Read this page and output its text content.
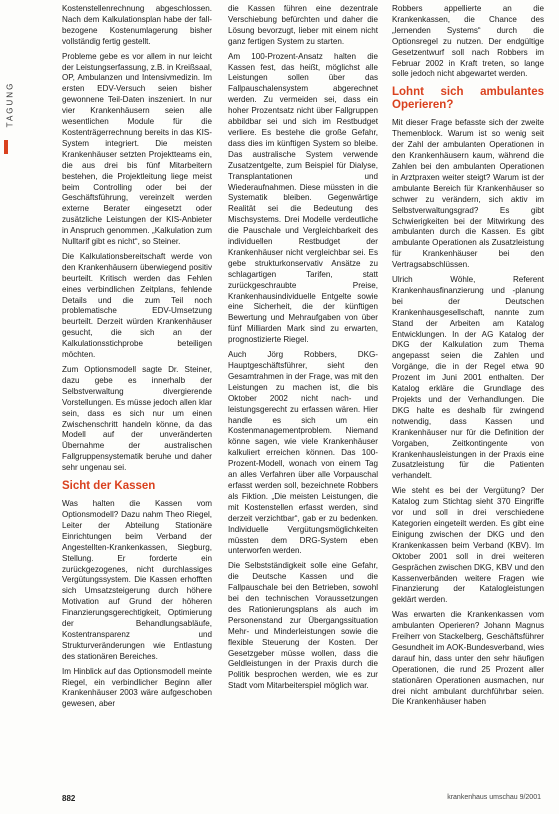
TAGUNG

Kostenstellenrechnung abgeschlossen. Nach dem Kalkulationsplan habe der fall-bezogene Kostenumlagerung bisher vollständig fertig gestellt.

Probleme gebe es vor allem in nur leicht der Leistungserfassung, z.B. in Kreißsaal, OP, Ambulanzen und Intensivmedizin. Im ersten EDV-Versuch seien bisher gewonnene Teil-Daten inszeniert. In nur vier Krankenhäusern seien alle wesentlichen Module für die Kostenträgerrechnung bereits in das KIS-System integriert. Die meisten Krankenhäuser setzten Projektteams ein, die aus drei bis fünf Mitarbeitern bestehen, die Projektleitung liege meist beim Controlling oder bei der Geschäftsführung, vereinzelt werden externe Berater eingesetzt oder zusätzliche Leistungen der KIS-Anbieter in Anspruch genommen. „Kalkulation zum Nulltarif gibt es nicht“, so Steiner.

Die Kalkulationsbereitschaft werde von den Krankenhäusern überwiegend positiv beurteilt. Kritisch werden das Fehlen eines verbindlichen Zeitplans, fehlende Details und die zum Teil noch problematische EDV-Umsetzung beurteilt. Derzeit würden Krankenhäuser gesucht, die sich an der Kalkulationsstichprobe beteiligen möchten.

Zum Optionsmodell sagte Dr. Steiner, dazu gebe es innerhalb der Selbstverwaltung divergierende Vorstellungen. Es müsse jedoch allen klar sein, dass es sich nur um einen Zwischenschritt handeln könne, da das Modell auf der unveränderten Übernahme der australischen Fallgruppensystematik beruhe und daher sehr ungenau sei.

Sicht der Kassen

Was halten die Kassen vom Optionsmodell? Dazu nahm Theo Riegel, Leiter der Abteilung Stationäre Einrichtungen beim Verband der Angestellten-Krankenkassen, Siegburg, Stellung. Er forderte ein zurückgezogenes, nicht durchlassiges Vergütungssystem. Die Kassen erhofften sich Umsatzsteigerung durch höhere Motivation auf Grund der höheren Finanzierungsgerechtigkeit, Optimierung der Behandlungsabläufe, Kostentransparenz und Strukturveränderungen wie Entlastung des stationären Bereiches.

Im Hinblick auf das Optionsmodell meinte Riegel, ein verbindlicher Beginn aller Krankenhäuser 2003 wäre aufgeschoben gewesen, aber

die Kassen führen eine dezentrale Verschiebung befürchten und daher die Lösung bevorzugt, lieber mit einem nicht ganz fertigen System zu starten.

Am 100-Prozent-Ansatz halten die Kassen fest, das heißt, möglichst alle Leistungen sollen über das Fallpauschalensystem abgerechnet werden. Zu vermeiden sei, dass ein hoher Prozentsatz nicht über Fallgruppen abbildbar sei und sich im Restbudget verliere. Es bestehe die große Gefahr, dass dies im künftigen System so bleibe. Das australische System verwende Zusatzentgelte, zum Beispiel für Dialyse, Transplantationen und Wiederaufnahmen. Diese müssten in die Systematik bleiben. Gegenwärtige Realität sei die Bedeutung des Mischsystems. Drei Modelle verdeutliche die Pauschale und Vergleichbarkeit des individuellen Restbudget der Krankenhäuser nicht vergleichbar sei. Es gebe strukturkonservativ Ansätze zu schlagartigen Tarifen, statt zurückgeschraubte Preise, Krankenhausindividuelle Entgelte sowie eine Sicherheit, die der künftigen Bewertung und Mehraufgaben von über fünf Milliarden Mark sind zu erwarten, prognostizierte Riegel.

Auch Jörg Robbers, DKG-Hauptgeschäftsführer, sieht den Gesamtrahmen in der Frage, was mit den Leistungen zu machen ist, die bis Oktober 2002 nicht nach- und leistungsgerecht zu erfassen wären. Hier handle es sich um ein Kostenmanagementproblem. Niemand könne sagen, wie viele Krankenhäuser kalkuliert erreichen können. Das 100-Prozent-Modell, wonach von einem Tag an alles Verfahren über alle Vorpauschal erfasst werden soll, bezeichnete Robbers als Fiktion. „Die meisten Leistungen, die mit Kostenstellen erfasst werden, sind derzeit verzichtbar“, gab er zu bedenken. Individuelle Vergütungsmöglichkeiten müssten dem DRG-System eben unterworfen werden.

Die Selbstständigkeit solle eine Gefahr, die Deutsche Kassen und die Fallpauschale bei den Betrieben, sowohl bei den technischen Voraussetzungen des Rationierungsplans als auch im Personenstand zur Übergangssituation Mehr- und Minderleistungen sowie die flexible Steuerung der Kosten. Der Gesetzgeber müsse wollen, dass die Geldleistungen in der Praxis durch die Politik besprochen werden, wie es zur Stadt vom Mitarbeiterspiel möglich war.

Robbers appellierte an die Krankenkassen, die Chance des „lernenden Systems“ durch die Optionsregel zu nutzen. Der endgültige Gesetzentwurf soll nach Robbers im Februar 2002 in Kraft treten, so lange solle jedoch nicht abgewartet werden.

Lohnt sich ambulantes Operieren?

Mit dieser Frage befasste sich der zweite Themenblock. Warum ist so wenig seit der Zahl der ambulanten Operationen in den Krankenhäusern kaum, während die Zahlen bei den ambulanten Operationen in Arztpraxen weiter steigt? Warum ist der ambulante Bereich für Krankenhäuser so schwer zu verändern, sich aktiv im Selbstverwaltungsgrad? Es gibt Schwierigkeiten bei der Mitwirkung des ambulanten durch die Kassen. Es gibt ambulante Operationen als Zusatzleistung für Krankenhäuser bei den Vertragsabschlüssen.

Ulrich Wöhle, Referent Krankenhausfinanzierung und -planung bei der Deutschen Krankenhausgesellschaft, nannte zum Stand der Arbeiten am Katalog Entwicklungen. In der AG Katalog der DKG der Kalkulation zum Thema angepasst seien die Zahlen und Vorgänge, die in der Regel etwa 90 Prozent im Juni 2001 enthalten. Der Katalog erkläre die Grundlage des Projekts und der Verhandlungen. Die DKG halte es deshalb für zwingend notwendig, dass Kassen und Krankenhäuser nur für die Definition der Vorgaben, Zeitkontingente von Krankenhausleistungen in der Praxis eine Zusatzleistung für die Patienten verhandelt.

Wie steht es bei der Vergütung? Der Katalog zum Stichtag sieht 370 Eingriffe vor und soll in drei verschiedene Kategorien eingeteilt werden. Es gibt eine Einigung zwischen der DKG und den Krankenkassen beim Verband (KBV). Im Oktober 2001 soll in drei weiteren Gesprächen zwischen DKG, KBV und den Kassenverbänden weitere Fragen wie Finanzierung der Katalogleistungen geklärt werden.

Was erwarten die Krankenkassen vom ambulanten Operieren? Johann Magnus Freiherr von Stackelberg, Geschäftsführer Gesundheit im AOK-Bundesverband, wies darauf hin, dass unter den sehr häufigen Operationen, die rund 25 Prozent aller stationären Operationen ausmachen, nur drei nicht ambulant durchführbar seien. Die Krankenhäuser haben

882	krankenhaus umschau 9/2001
